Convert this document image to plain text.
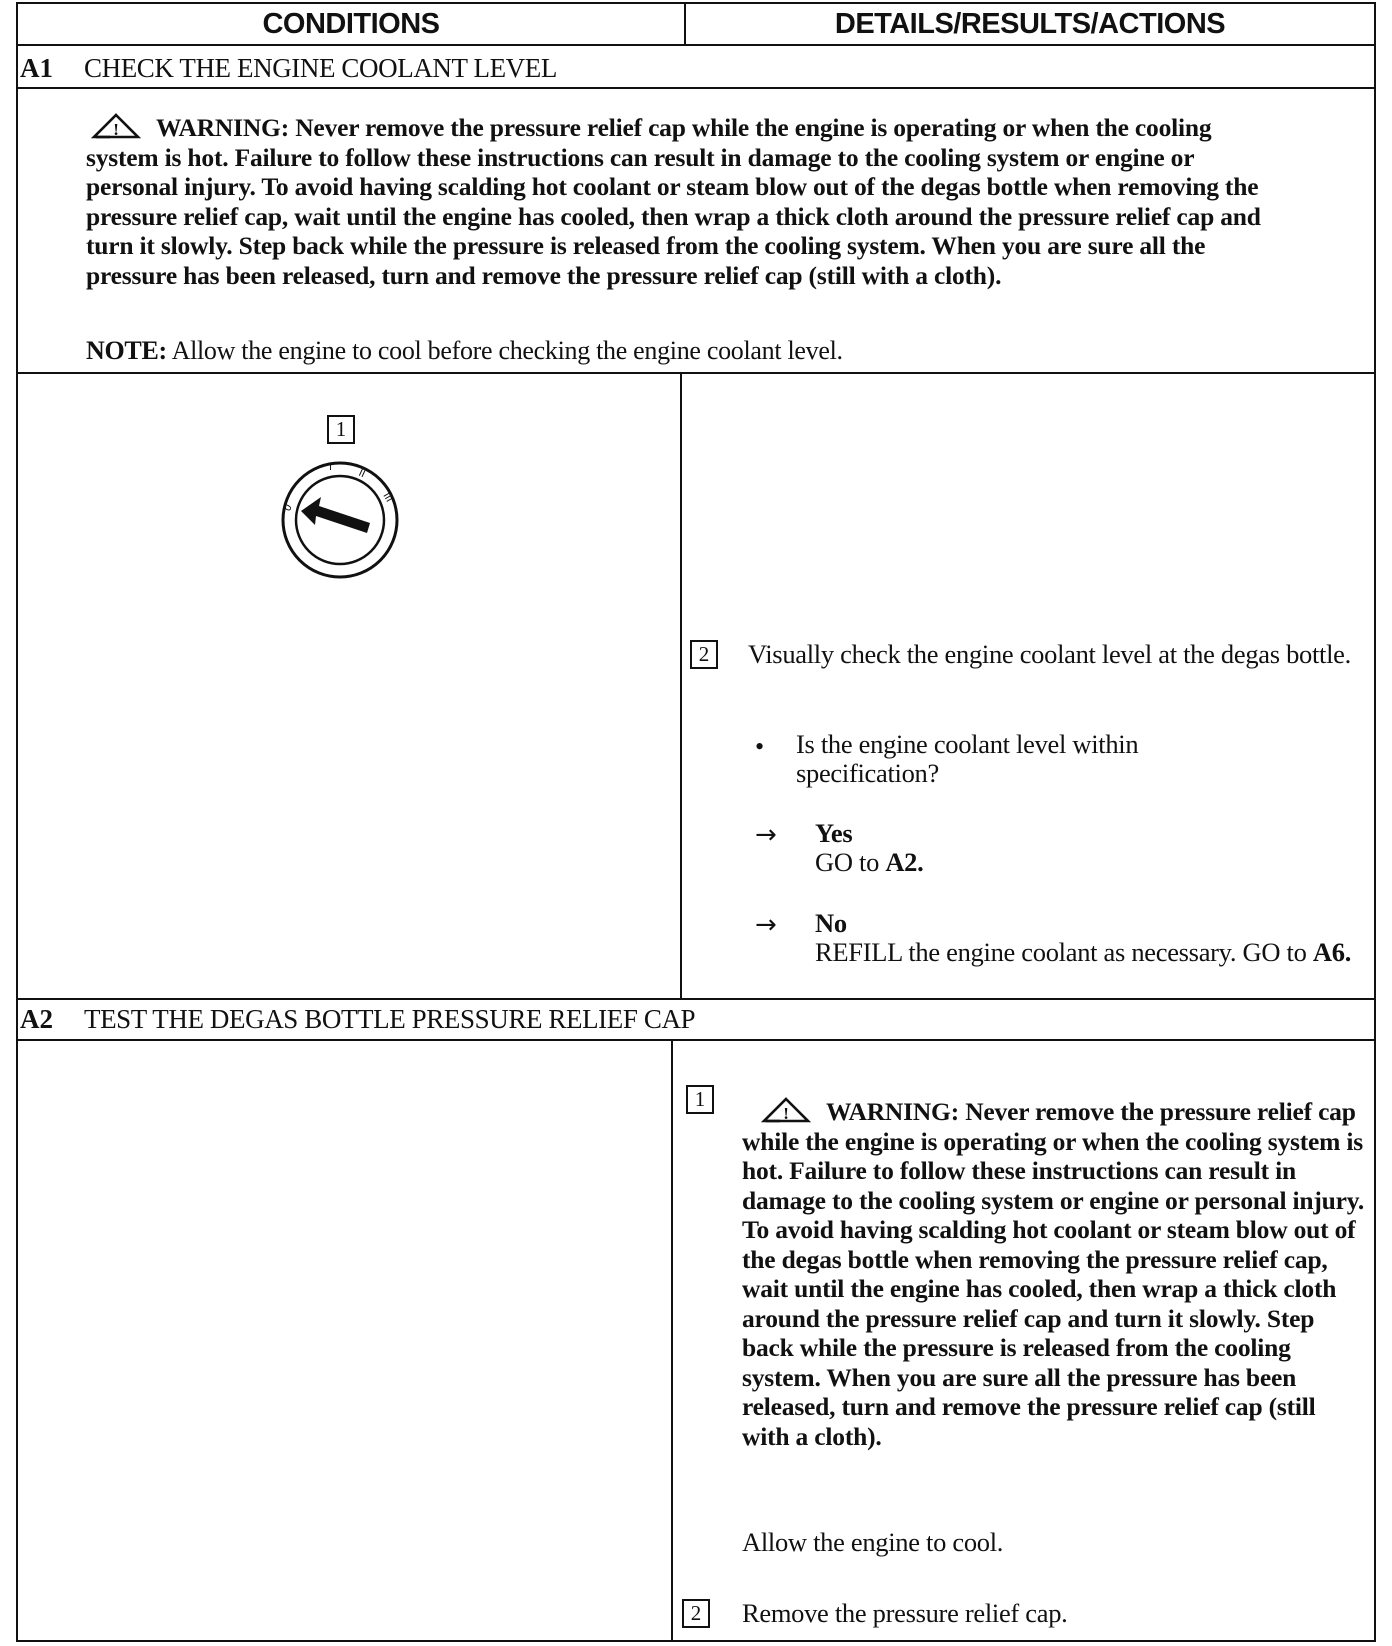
CONDITIONS	DETAILS/RESULTS/ACTIONS
A1 CHECK THE ENGINE COOLANT LEVEL
! WARNING: Never remove the pressure relief cap while the engine is operating or when the cooling system is hot. Failure to follow these instructions can result in damage to the cooling system or engine or personal injury. To avoid having scalding hot coolant or steam blow out of the degas bottle when removing the pressure relief cap, wait until the engine has cooled, then wrap a thick cloth around the pressure relief cap and turn it slowly. Step back while the pressure is released from the cooling system. When you are sure all the pressure has been released, turn and remove the pressure relief cap (still with a cloth).
NOTE: Allow the engine to cool before checking the engine coolant level.
1
0
I
II
III
2	Visually check the engine coolant level at the degas bottle.
• Is the engine coolant level within specification?
→ Yes
GO to A2.
→ No
REFILL the engine coolant as necessary. GO to A6.
A2 TEST THE DEGAS BOTTLE PRESSURE RELIEF CAP
1
! WARNING: Never remove the pressure relief cap while the engine is operating or when the cooling system is hot. Failure to follow these instructions can result in damage to the cooling system or engine or personal injury. To avoid having scalding hot coolant or steam blow out of the degas bottle when removing the pressure relief cap, wait until the engine has cooled, then wrap a thick cloth around the pressure relief cap and turn it slowly. Step back while the pressure is released from the cooling system. When you are sure all the pressure has been released, turn and remove the pressure relief cap (still with a cloth).
Allow the engine to cool.
2	Remove the pressure relief cap.
